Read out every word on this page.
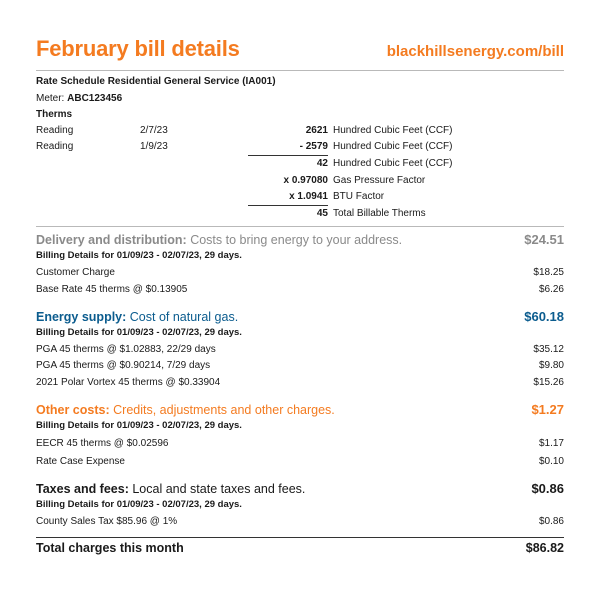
February bill details	blackhillsenergy.com/bill
Rate Schedule Residential General Service (IA001)
Meter: ABC123456
Therms
Reading	2/7/23	2621 Hundred Cubic Feet (CCF)
Reading	1/9/23	- 2579 Hundred Cubic Feet (CCF)
42 Hundred Cubic Feet (CCF)
x 0.97080 Gas Pressure Factor
x 1.0941 BTU Factor
45 Total Billable Therms
Delivery and distribution: Costs to bring energy to your address.	$24.51
Billing Details for 01/09/23 - 02/07/23, 29 days.
Customer Charge	$18.25
Base Rate 45 therms @ $0.13905	$6.26
Energy supply: Cost of natural gas.	$60.18
Billing Details for 01/09/23 - 02/07/23, 29 days.
PGA 45 therms @ $1.02883, 22/29 days	$35.12
PGA 45 therms @ $0.90214, 7/29 days	$9.80
2021 Polar Vortex 45 therms @ $0.33904	$15.26
Other costs: Credits, adjustments and other charges.	$1.27
Billing Details for 01/09/23 - 02/07/23, 29 days.
EECR 45 therms @ $0.02596	$1.17
Rate Case Expense	$0.10
Taxes and fees: Local and state taxes and fees.	$0.86
Billing Details for 01/09/23 - 02/07/23, 29 days.
County Sales Tax $85.96 @ 1%	$0.86
Total charges this month	$86.82
